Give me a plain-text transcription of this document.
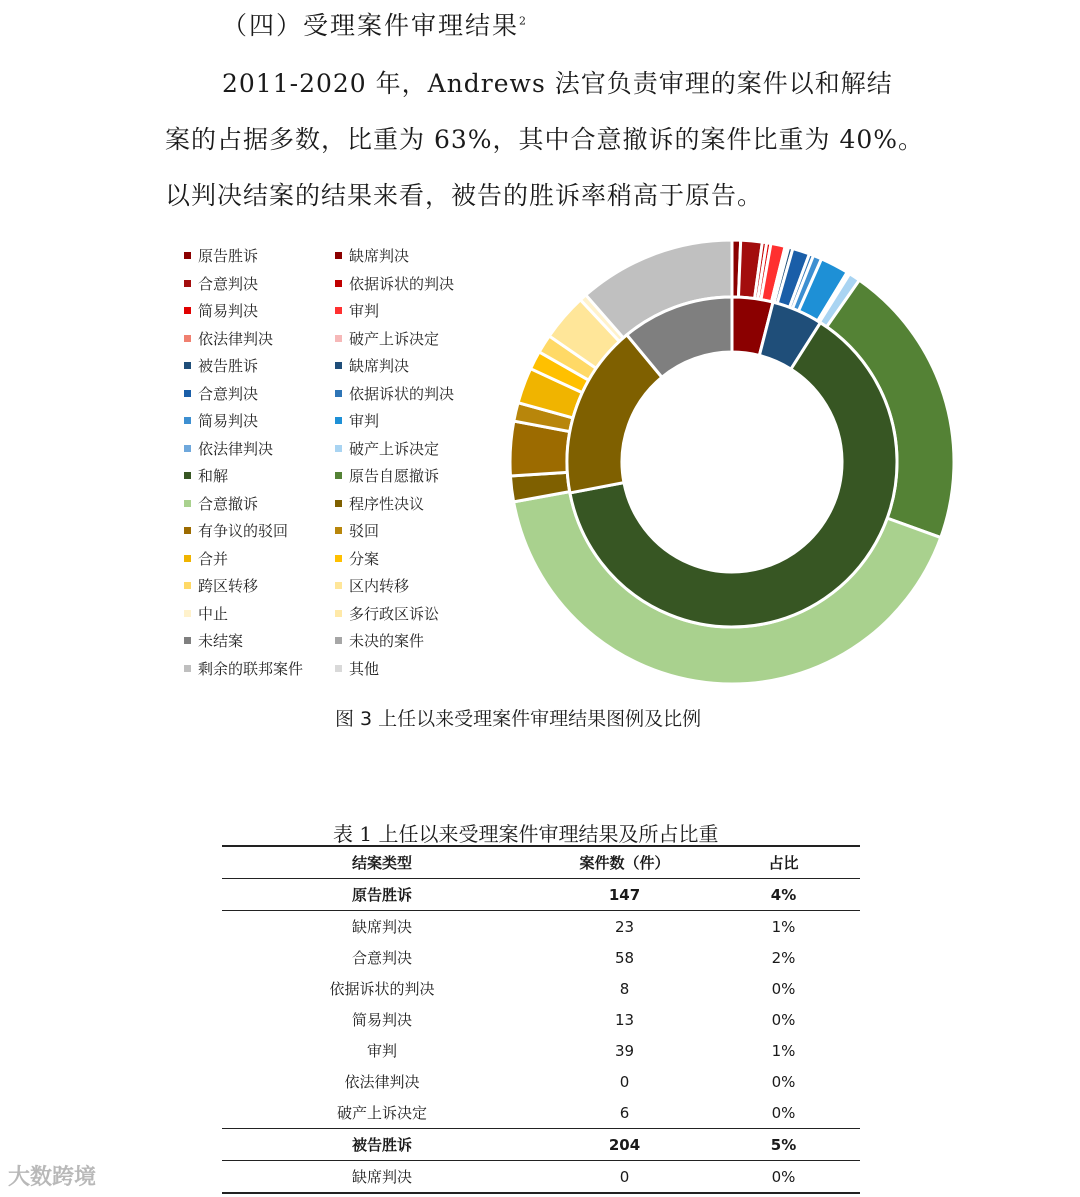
（四）受理案件审理结果$^2$
2011-2020 年，Andrews 法官负责审理的案件以和解结
案的占据多数，比重为 63%，其中合意撤诉的案件比重为 40%。
以判决结案的结果来看，被告的胜诉率稍高于原告。
原告胜诉	缺席判决
合意判决	依据诉状的判决
简易判决	审判
依法律判决	破产上诉决定
被告胜诉	缺席判决
合意判决	依据诉状的判决
简易判决	审判
依法律判决	破产上诉决定
和解	原告自愿撤诉
合意撤诉	程序性决议
有争议的驳回	驳回
合并	分案
跨区转移	区内转移
中止	多行政区诉讼
未结案	未决的案件
剩余的联邦案件	其他
图 3 上任以来受理案件审理结果图例及比例
表 1 上任以来受理案件审理结果及所占比重
结案类型	案件数（件）	占比
原告胜诉	147	4%
缺席判决	23	1%
合意判决	58	2%
依据诉状的判决	8	0%
简易判决	13	0%
审判	39	1%
依法律判决	0	0%
破产上诉决定	6	0%
被告胜诉	204	5%
缺席判决	0	0%
大数跨境
